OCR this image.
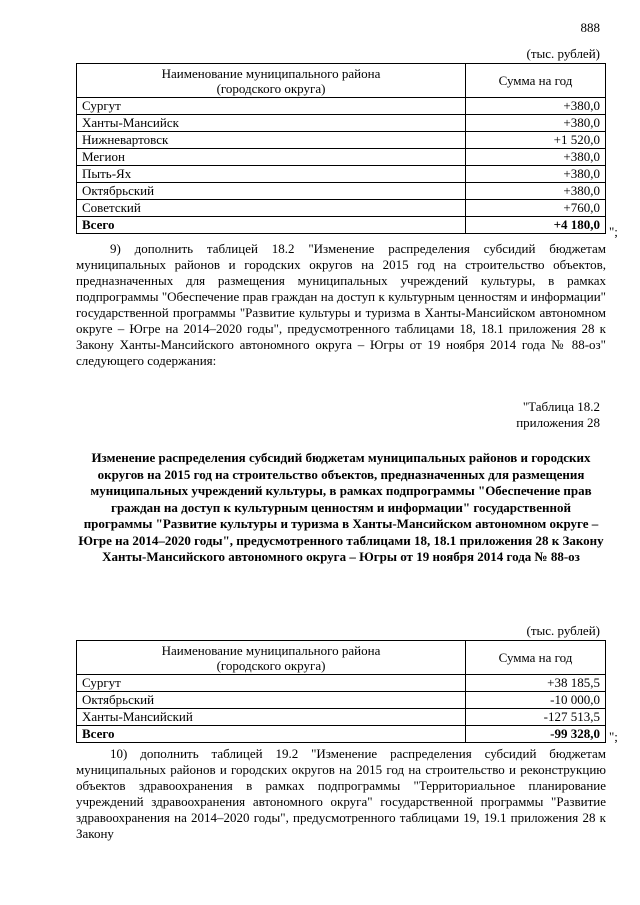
888
(тыс. рублей)
Наименование муниципального района
(городского округа)	Сумма на год
Сургут	+380,0
Ханты-Мансийск	+380,0
Нижневартовск	+1 520,0
Мегион	+380,0
Пыть-Ях	+380,0
Октябрьский	+380,0
Советский	+760,0
Всего	+4 180,0 ";

9) дополнить таблицей 18.2 "Изменение распределения субсидий бюджетам муниципальных районов и городских округов на 2015 год на строительство объектов, предназначенных для размещения муниципальных учреждений культуры, в рамках подпрограммы "Обеспечение прав граждан на доступ к культурным ценностям и информации" государственной программы "Развитие культуры и туризма в Ханты-Мансийском автономном округе – Югре на 2014–2020 годы", предусмотренного таблицами 18, 18.1 приложения 28 к Закону Ханты-Мансийского автономного округа – Югры от 19 ноября 2014 года № 88-оз" следующего содержания:

"Таблица 18.2
приложения 28

Изменение распределения субсидий бюджетам муниципальных районов и городских округов на 2015 год на строительство объектов, предназначенных для размещения муниципальных учреждений культуры, в рамках подпрограммы "Обеспечение прав граждан на доступ к культурным ценностям и информации" государственной программы "Развитие культуры и туризма в Ханты-Мансийском автономном округе – Югре на 2014–2020 годы", предусмотренного таблицами 18, 18.1 приложения 28 к Закону Ханты-Мансийского автономного округа – Югры от 19 ноября 2014 года № 88-оз

(тыс. рублей)
Наименование муниципального района
(городского округа)	Сумма на год
Сургут	+38 185,5
Октябрьский	-10 000,0
Ханты-Мансийский	-127 513,5
Всего	-99 328,0 ";

10) дополнить таблицей 19.2 "Изменение распределения субсидий бюджетам муниципальных районов и городских округов на 2015 год на строительство и реконструкцию объектов здравоохранения в рамках подпрограммы "Территориальное планирование учреждений здравоохранения автономного округа" государственной программы "Развитие здравоохранения на 2014–2020 годы", предусмотренного таблицами 19, 19.1 приложения 28 к Закону
